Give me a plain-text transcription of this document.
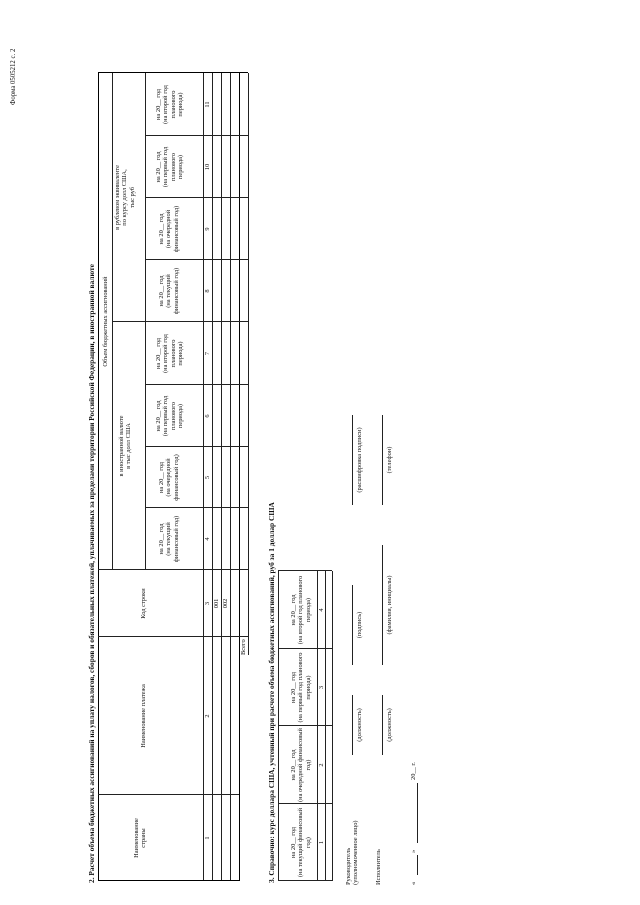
Форма 0505212 с. 2
2. Расчет объема бюджетных ассигнований на уплату налогов, сборов и обязательных платежей, уплачиваемых за пределами территории Российской Федерации, в иностранной валюте	Наименование платежа
Код строки
Наименование страны
Объем бюджетных ассигнований
в иностранной валюте в тыс долл США
в рублевом эквиваленте по курсу долл США, тыс руб
на 20__ год (на текущий финансовый год)
на 20__ год (на очередной финансовый год)
на 20__ год (на первый год планового периода)
на 20__ год (на второй год планового периода)
на 20__ год (на текущий финансовый год)
на 20__ год (на очередной финансовый год)
на 20__ год (на первый год планового периода)
на 20__ год (на второй год планового периода)
1
2
3
4
5
6
7
8
9
10
11
001 002
Всего	3. Справочно: курс доллара США, учтенный при расчете объема бюджетных ассигнований, руб за 1 доллар США на 20__ год (на текущий финансовый год)
на 20__ год (на очередной финансовый год)
на 20__ год (на первый год планового периода)
на 20__ год (на второй год планового периода)
1
2
3
4
Руководитель (уполномоченное лицо)
(должность)
(подпись)
(расшифровка подписи)
Исполнитель
(должность)
(фамилия, инициалы)
(телефон)
«
»
20__ г.
